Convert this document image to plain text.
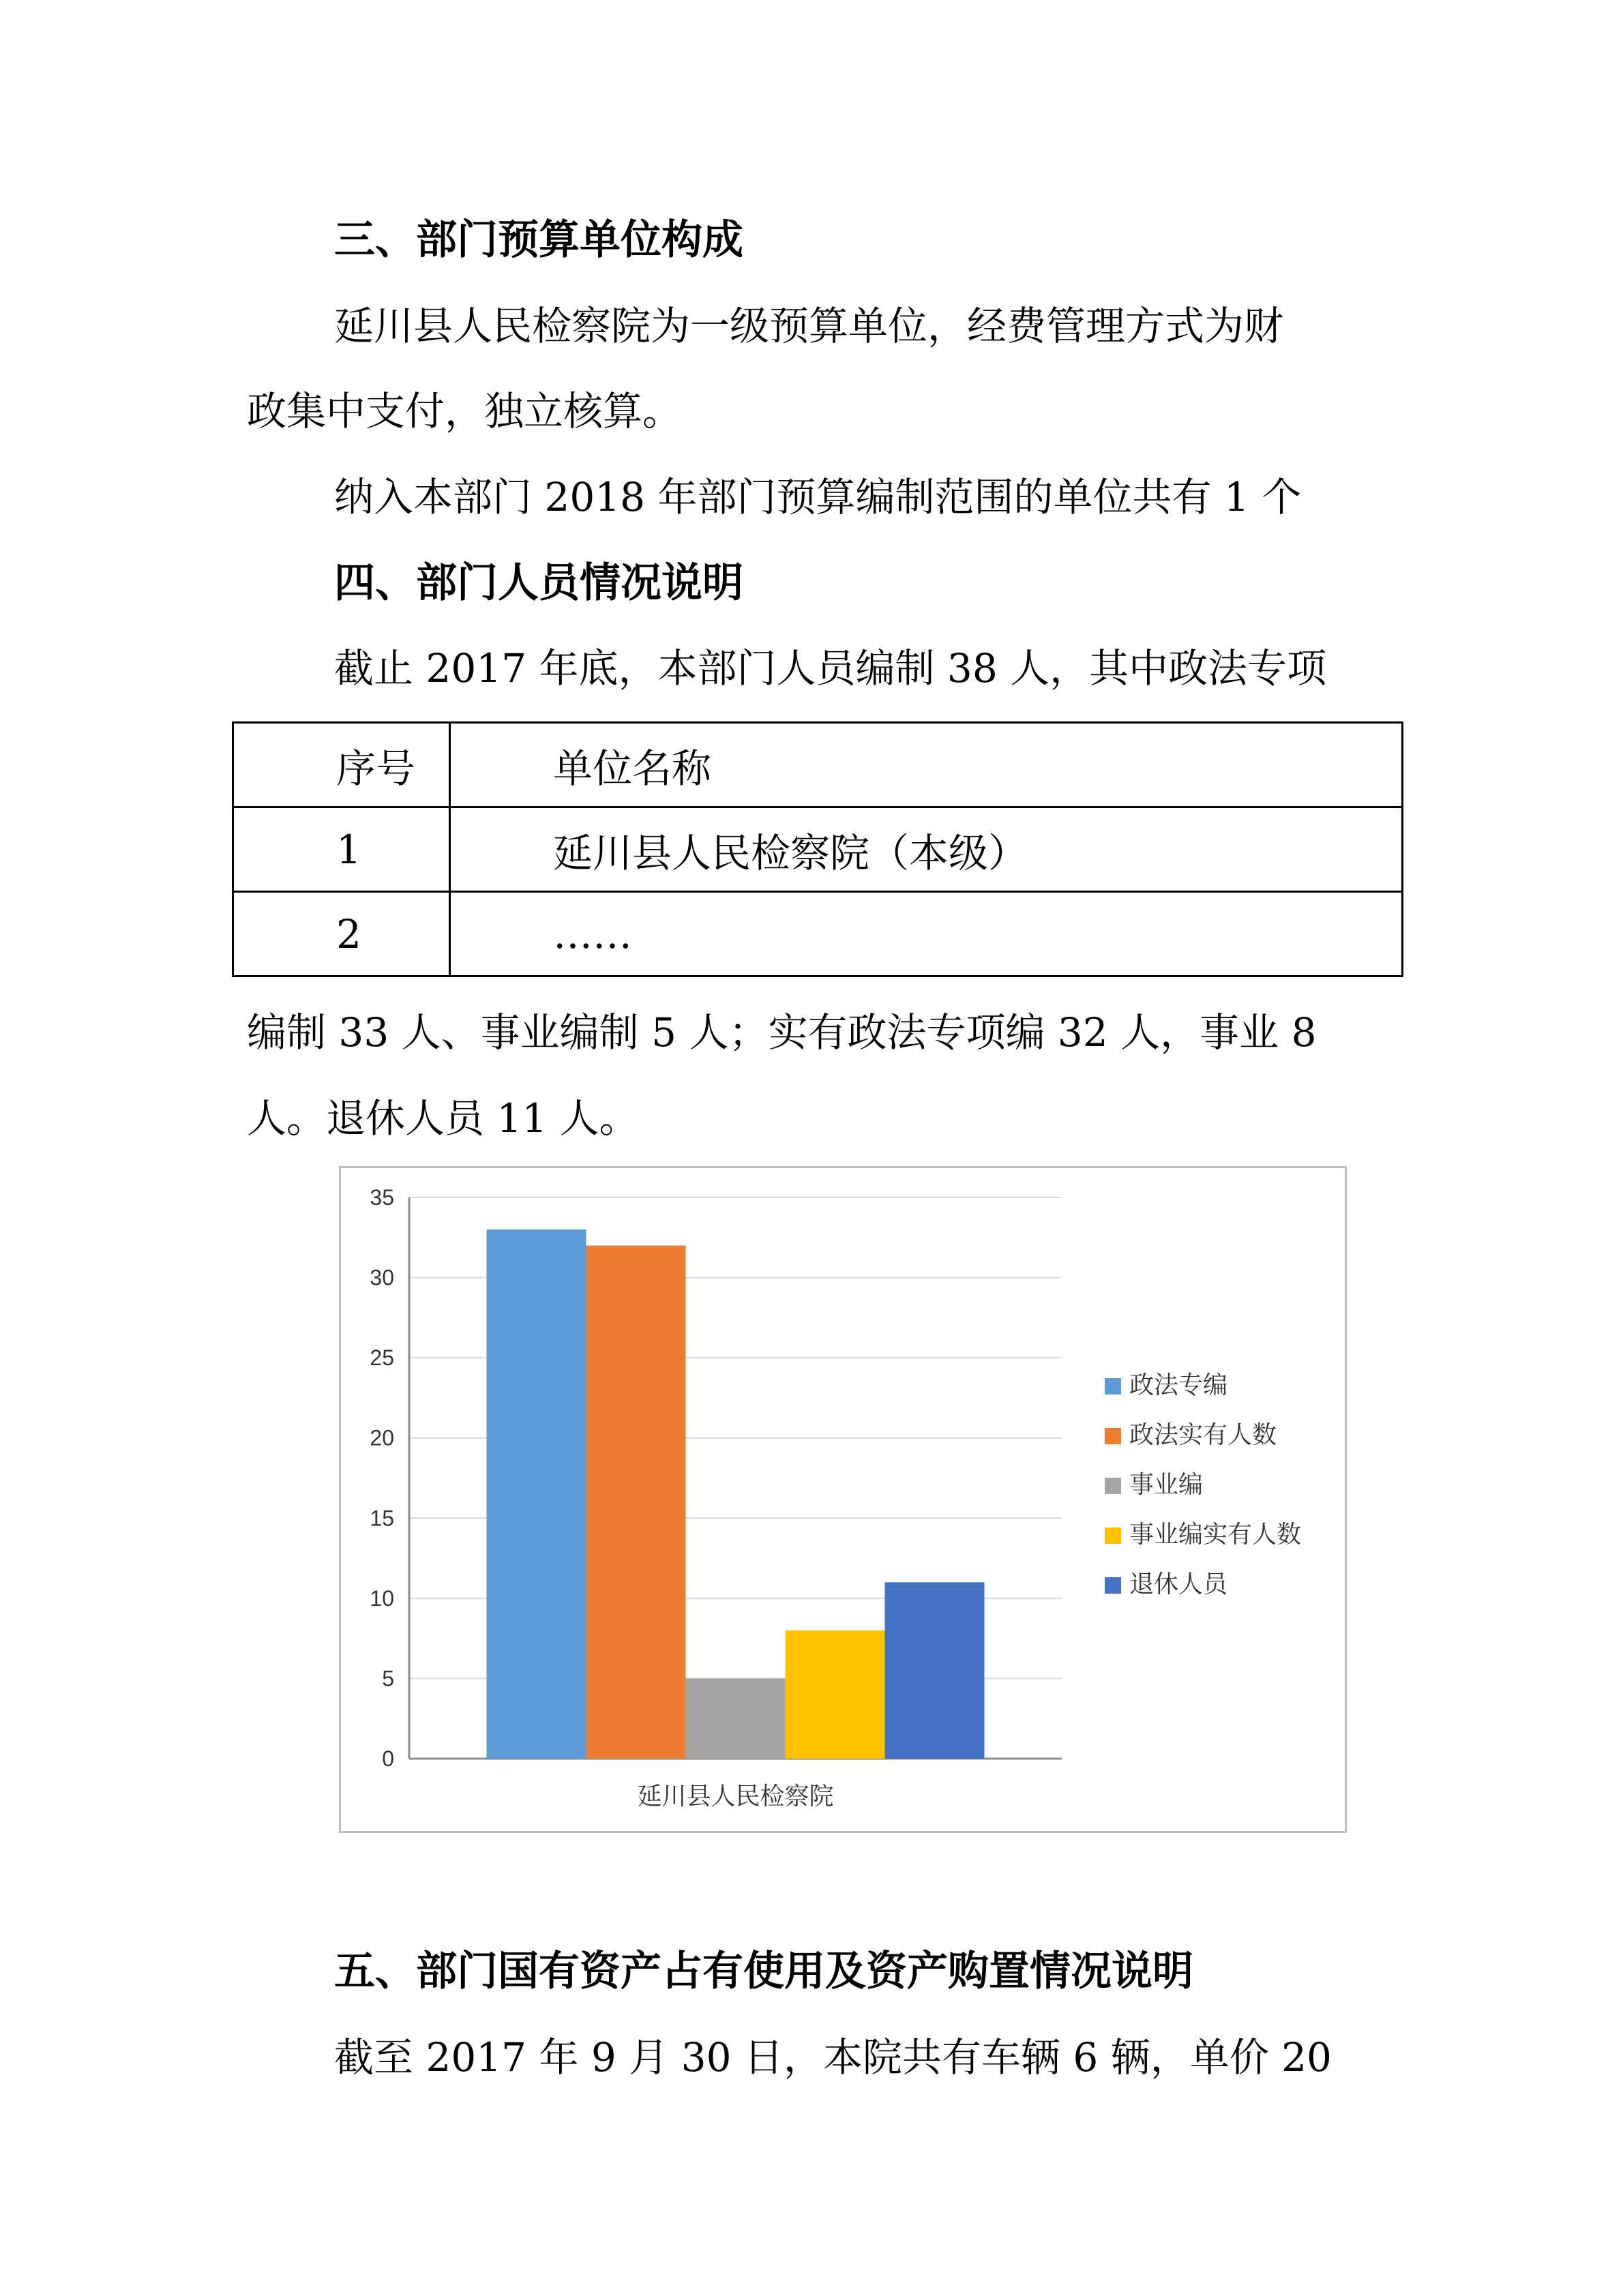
三、部门预算单位构成

延川县人民检察院为一级预算单位，经费管理方式为财

政集中支付，独立核算。

纳入本部门 2018 年部门预算编制范围的单位共有 1 个

四、部门人员情况说明

截止 2017 年底，本部门人员编制 38 人，其中政法专项

序号	单位名称
1	延川县人民检察院（本级）
2	……

编制 33 人、事业编制 5 人；实有政法专项编 32 人，事业 8

人。退休人员 11 人。

0
5
10
15
20
25
30
35
延川县人民检察院
政法专编
政法实有人数
事业编
事业编实有人数
退休人员
五、部门国有资产占有使用及资产购置情况说明

截至 2017 年 9 月 30 日，本院共有车辆 6 辆，单价 20
